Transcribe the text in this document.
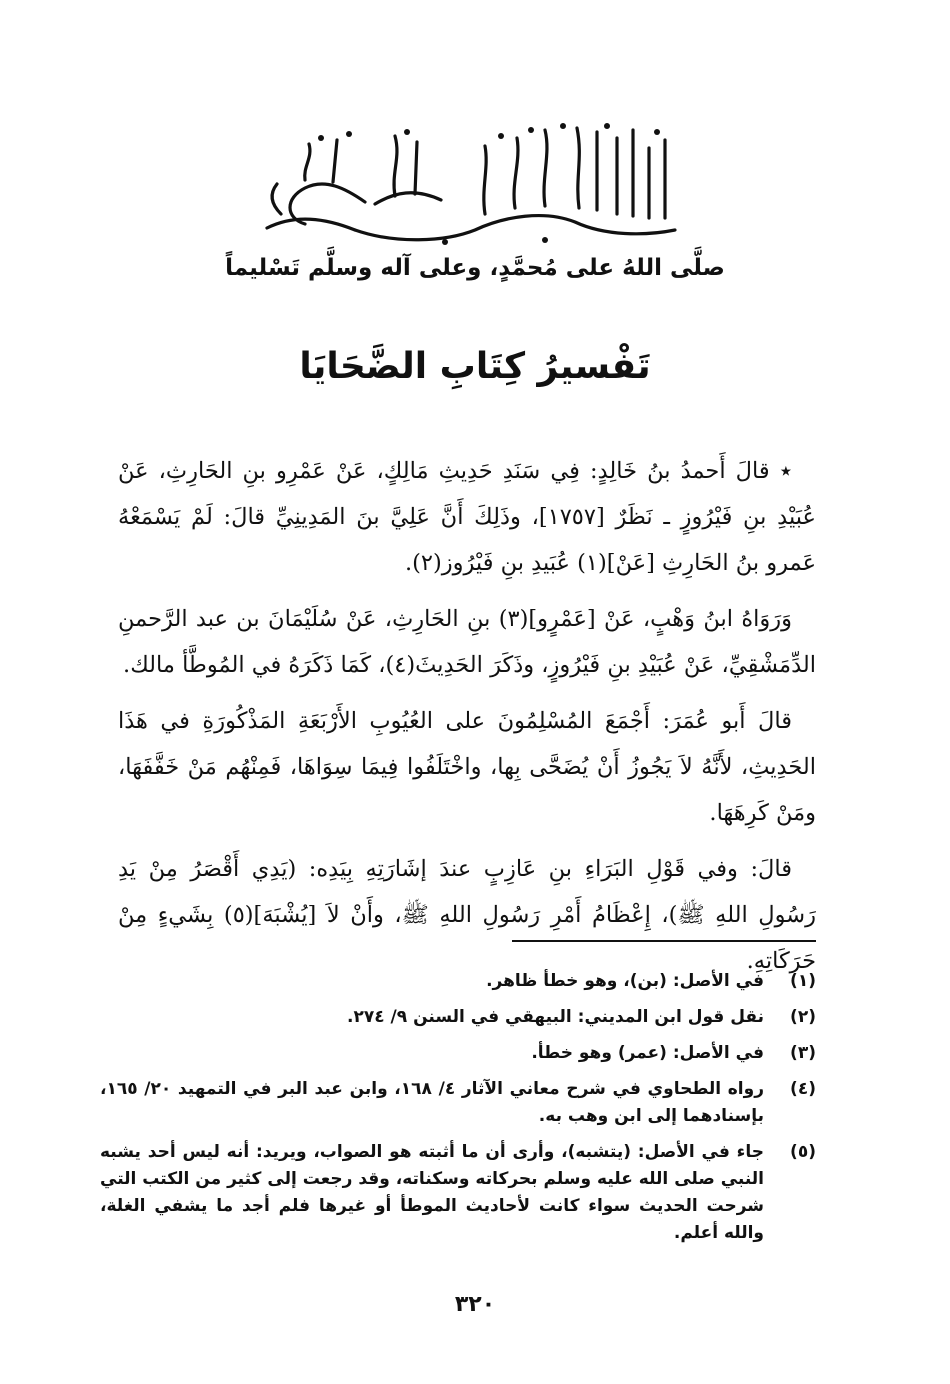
صلَّى اللهُ على مُحمَّدٍ، وعلى آله وسلَّم تَسْليماً
تَفْسيرُ كِتَابِ الضَّحَايَا

٭ قالَ أَحمدُ بنُ خَالِدٍ: فِي سَنَدِ حَدِيثِ مَالِكٍ، عَنْ عَمْرِو بنِ الحَارِثِ، عَنْ عُبَيْدِ بنِ فَيْرُوزٍ ـ نَظَرٌ [١٧٥٧]، وذَلِكَ أَنَّ عَلِيَّ بنَ المَدِينِيِّ قالَ: لَمْ يَسْمَعْهُ عَمرو بنُ الحَارِثِ [عَنْ](١) عُبَيدِ بنِ فَيْرُوز(٢).

وَرَوَاهُ ابنُ وَهْبٍ، عَنْ [عَمْرٍو](٣) بنِ الحَارِثِ، عَنْ سُلَيْمَانَ بن عبد الرَّحمنِ الدِّمَشْقِيِّ، عَنْ عُبَيْدِ بنِ فَيْرُوزٍ، وذَكَرَ الحَدِيثَ(٤)، كَمَا ذَكَرَهُ في المُوطَّأ مالك.

قالَ أَبو عُمَرَ: أَجْمَعَ المُسْلِمُونَ على العُيُوبِ الأَرْبَعَةِ المَذْكُورَةِ في هَذَا الحَدِيثِ، لأَنَّهُ لاَ يَجُوزُ أَنْ يُضَحَّى بِها، واخْتَلَفُوا فِيمَا سِوَاهَا، فَمِنْهُم مَنْ خَفَّفَهَا، ومَنْ كَرِهَهَا.

قالَ: وفي قَوْلِ البَرَاءِ بنِ عَازِبٍ عندَ إشَارَتِهِ بِيَدِه: (يَدِي أَقْصَرُ مِنْ يَدِ رَسُولِ اللهِ ﷺ)، إِعْظَامُ أَمْرِ رَسُولِ اللهِ ﷺ، وأَنْ لاَ [يُشْبَهَ](٥) بِشَيءٍ مِنْ حَرَكَاتِهِ.

(١)
في الأصل: (بن)، وهو خطأ ظاهر.
(٢)
نقل قول ابن المديني: البيهقي في السنن ٩/ ٢٧٤.
(٣)
في الأصل: (عمر) وهو خطأ.
(٤)
رواه الطحاوي في شرح معاني الآثار ٤/ ١٦٨، وابن عبد البر في التمهيد ٢٠/ ١٦٥، بإسنادهما إلى ابن وهب به.
(٥)
جاء في الأصل: (يتشبه)، وأرى أن ما أثبته هو الصواب، ويريد: أنه ليس أحد يشبه النبي صلى الله عليه وسلم بحركاته وسكناته، وقد رجعت إلى كثير من الكتب التي شرحت الحديث سواء كانت لأحاديث الموطأ أو غيرها فلم أجد ما يشفي الغلة، والله أعلم.
٣٢٠
